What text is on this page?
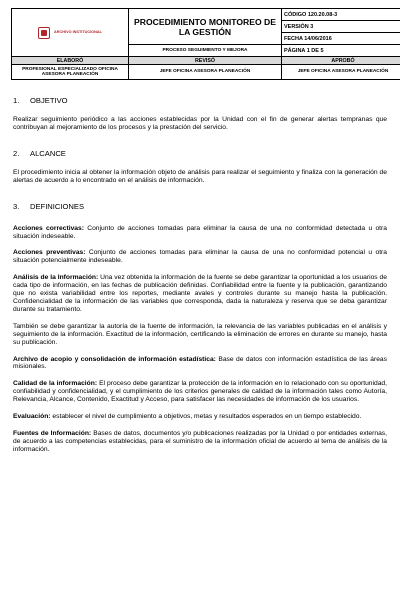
ARCHIVO INSTITUCIONAL	PROCEDIMIENTO MONITOREO DE LA GESTIÓN	CÓDIGO 120.20.08-3
		VERSIÓN 3
		FECHA 14/06/2016

	PROCESO SEGUIMIENTO Y MEJORA	PÁGINA 1 DE 5
ELABORÓ	REVISÓ	APROBÓ
PROFESIONAL ESPECIALIZADO OFICINA ASESORA PLANEACIÓN	JEFE OFICINA ASESORA PLANEACIÓN	JEFE OFICINA ASESORA PLANEACIÓN
1. OBJETIVO

Realizar seguimiento periódico a las acciones establecidas por la Unidad con el fin de generar alertas tempranas que contribuyan al mejoramiento de los procesos y la prestación del servicio.

2. ALCANCE

El procedimiento inicia al obtener la información objeto de análisis para realizar el seguimiento y finaliza con la generación de alertas de acuerdo a lo encontrado en el análisis de información.

3. DEFINICIONES

Acciones correctivas: Conjunto de acciones tomadas para eliminar la causa de una no conformidad detectada u otra situación indeseable.

Acciones preventivas: Conjunto de acciones tomadas para eliminar la causa de una no conformidad potencial u otra situación potencialmente indeseable.

Análisis de la Información: Una vez obtenida la información de la fuente se debe garantizar la oportunidad a los usuarios de cada tipo de información, en las fechas de publicación definidas. Confiabilidad entre la fuente y la publicación, garantizando que no exista variabilidad entre los reportes, mediante avales y controles durante su manejo hasta la publicación. Confidencialidad de la información de las variables que corresponda, dada la naturaleza y reserva que se deba garantizar durante su tratamiento.

También se debe garantizar la autoría de la fuente de información, la relevancia de las variables publicadas en el análisis y seguimiento de la información. Exactitud de la información, certificando la eliminación de errores en durante su manejo, hasta su publicación.

Archivo de acopio y consolidación de información estadística: Base de datos con información estadística de las áreas misionales.

Calidad de la información: El proceso debe garantizar la protección de la información en lo relacionado con su oportunidad, confiabilidad y confidencialidad, y el cumplimiento de los criterios generales de calidad de la información tales como Autoría, Relevancia, Alcance, Contenido, Exactitud y Acceso, para satisfacer las necesidades de información de los usuarios.

Evaluación: establecer el nivel de cumplimiento a objetivos, metas y resultados esperados en un tiempo establecido.

Fuentes de Información: Bases de datos, documentos y/o publicaciones realizadas por la Unidad o por entidades externas, de acuerdo a las competencias establecidas, para el suministro de la información oficial de acuerdo al tema de análisis de la información.
